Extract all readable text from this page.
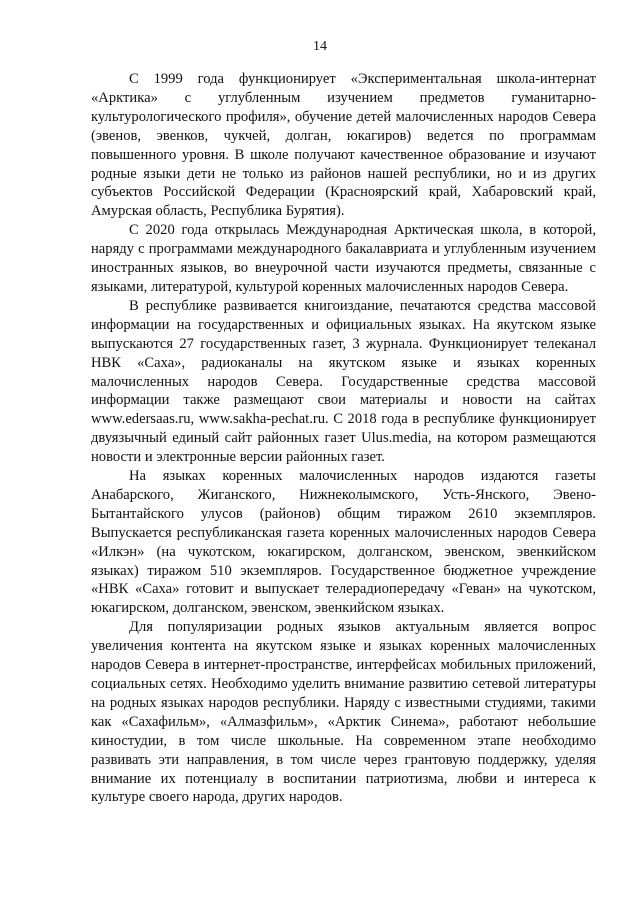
14

С 1999 года функционирует «Экспериментальная школа-интернат «Арктика» с углубленным изучением предметов гуманитарно-культурологического профиля», обучение детей малочисленных народов Севера (эвенов, эвенков, чукчей, долган, юкагиров) ведется по программам повышенного уровня. В школе получают качественное образование и изучают родные языки дети не только из районов нашей республики, но и из других субъектов Российской Федерации (Красноярский край, Хабаровский край, Амурская область, Республика Бурятия).

С 2020 года открылась Международная Арктическая школа, в которой, наряду с программами международного бакалавриата и углубленным изучением иностранных языков, во внеурочной части изучаются предметы, связанные с языками, литературой, культурой коренных малочисленных народов Севера.

В республике развивается книгоиздание, печатаются средства массовой информации на государственных и официальных языках. На якутском языке выпускаются 27 государственных газет, 3 журнала. Функционирует телеканал НВК «Саха», радиоканалы на якутском языке и языках коренных малочисленных народов Севера. Государственные средства массовой информации также размещают свои материалы и новости на сайтах www.edersaas.ru, www.sakha-pechat.ru. С 2018 года в республике функционирует двуязычный единый сайт районных газет Ulus.media, на котором размещаются новости и электронные версии районных газет.

На языках коренных малочисленных народов издаются газеты Анабарского, Жиганского, Нижнеколымского, Усть-Янского, Эвено-Бытантайского улусов (районов) общим тиражом 2610 экземпляров. Выпускается республиканская газета коренных малочисленных народов Севера «Илкэн» (на чукотском, юкагирском, долганском, эвенском, эвенкийском языках) тиражом 510 экземпляров. Государственное бюджетное учреждение «НВК «Саха» готовит и выпускает телерадиопередачу «Геван» на чукотском, юкагирском, долганском, эвенском, эвенкийском языках.

Для популяризации родных языков актуальным является вопрос увеличения контента на якутском языке и языках коренных малочисленных народов Севера в интернет-пространстве, интерфейсах мобильных приложений, социальных сетях. Необходимо уделить внимание развитию сетевой литературы на родных языках народов республики. Наряду с известными студиями, такими как «Сахафильм», «Алмазфильм», «Арктик Синема», работают небольшие киностудии, в том числе школьные. На современном этапе необходимо развивать эти направления, в том числе через грантовую поддержку, уделяя внимание их потенциалу в воспитании патриотизма, любви и интереса к культуре своего народа, других народов.
